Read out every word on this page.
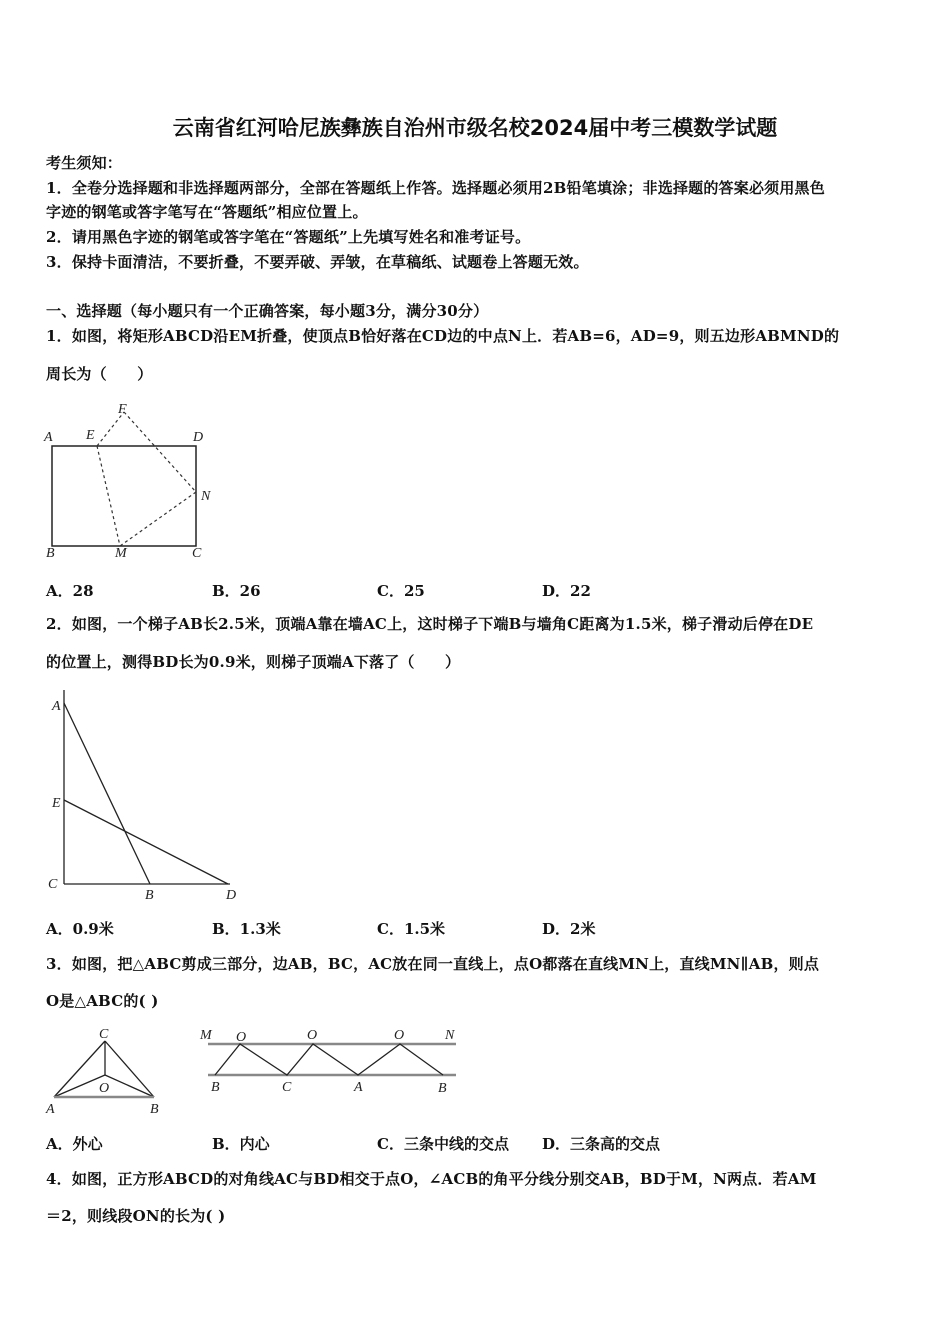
云南省红河哈尼族彝族自治州市级名校2024届中考三模数学试题
考生须知：
1．全卷分选择题和非选择题两部分，全部在答题纸上作答。选择题必须用2B铅笔填涂；非选择题的答案必须用黑色
字迹的钢笔或答字笔写在“答题纸”相应位置上。
2．请用黑色字迹的钢笔或答字笔在“答题纸”上先填写姓名和准考证号。
3．保持卡面清洁，不要折叠，不要弄破、弄皱，在草稿纸、试题卷上答题无效。
一、选择题（每小题只有一个正确答案，每小题3分，满分30分）
1．如图，将矩形ABCD沿EM折叠，使顶点B恰好落在CD边的中点N上．若AB=6，AD=9，则五边形ABMND的
周长为（　　）
A E
F
D
N
B	M	C
A
E
C
B	D
C
O
A	B
M O	O	O	N
B	C	A	B
A．28	B．26	C．25	D．22
2．如图，一个梯子AB长2.5米，顶端A靠在墙AC上，这时梯子下端B与墙角C距离为1.5米，梯子滑动后停在DE
的位置上，测得BD长为0.9米，则梯子顶端A下落了（　　）
A．0.9米	B．1.3米	C．1.5米	D．2米
3．如图，把△ABC剪成三部分，边AB，BC，AC放在同一直线上，点O都落在直线MN上，直线MN∥AB，则点
O是△ABC的( )
A．外心	B．内心	C．三条中线的交点 D．三条高的交点
4．如图，正方形ABCD的对角线AC与BD相交于点O，∠ACB的角平分线分别交AB，BD于M，N两点．若AM
＝2，则线段ON的长为( )
